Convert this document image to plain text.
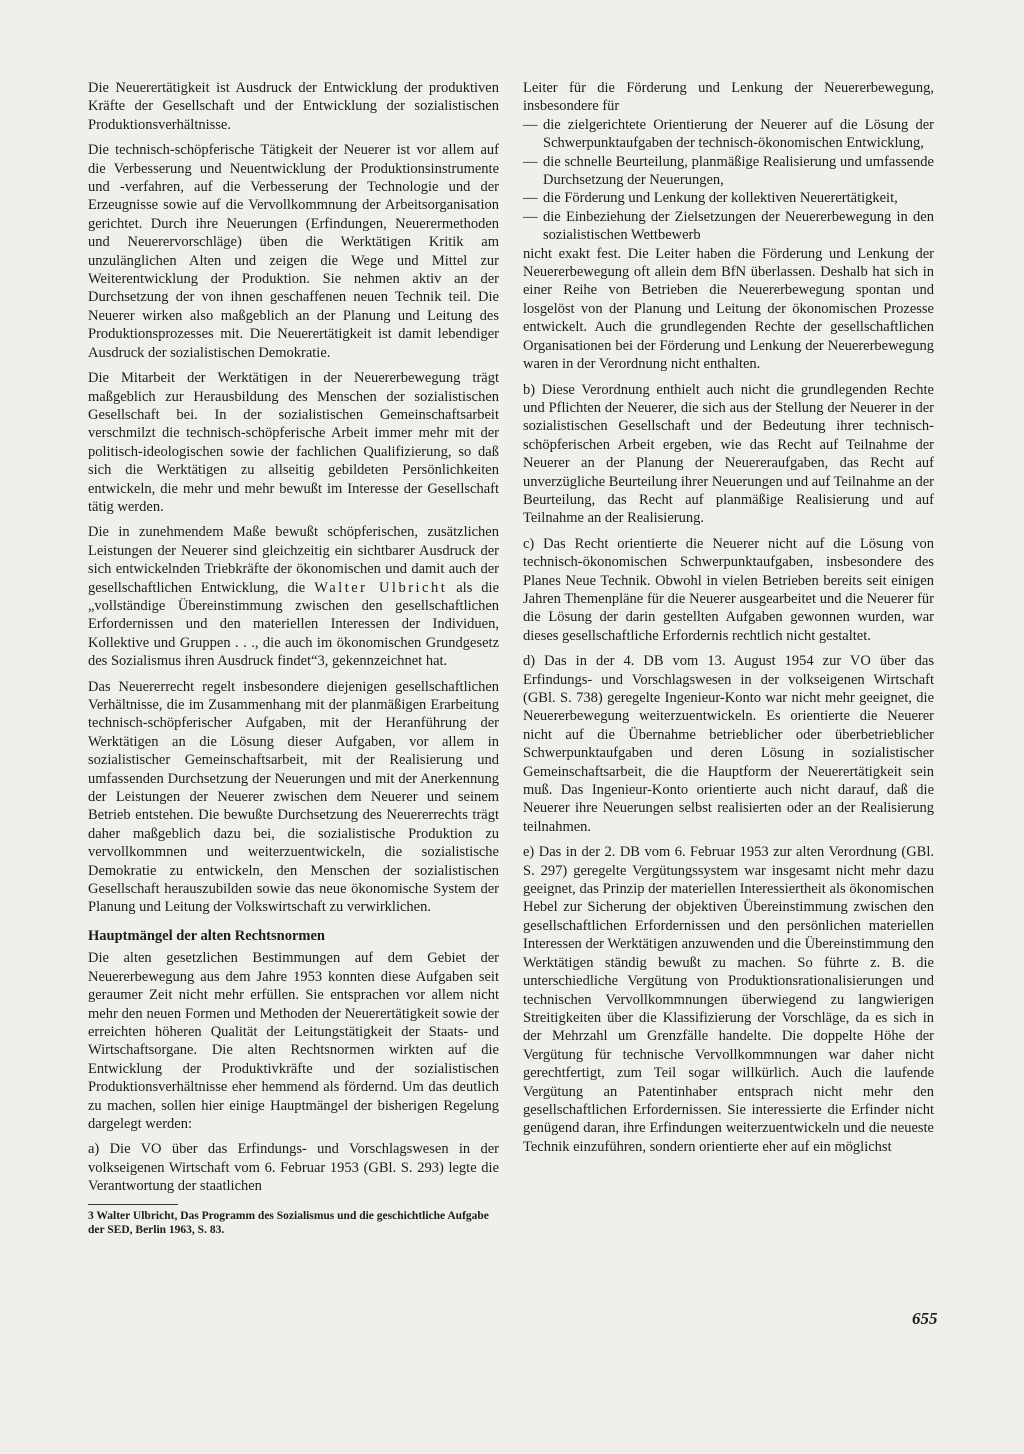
Die Neuerertätigkeit ist Ausdruck der Entwicklung der produktiven Kräfte der Gesellschaft und der Entwicklung der sozialistischen Produktionsverhältnisse.

Die technisch-schöpferische Tätigkeit der Neuerer ist vor allem auf die Verbesserung und Neuentwicklung der Produktionsinstrumente und -verfahren, auf die Verbesserung der Technologie und der Erzeugnisse sowie auf die Vervollkommnung der Arbeitsorganisation gerichtet. Durch ihre Neuerungen (Erfindungen, Neuerermethoden und Neuerervorschläge) üben die Werktätigen Kritik am unzulänglichen Alten und zeigen die Wege und Mittel zur Weiterentwicklung der Produktion. Sie nehmen aktiv an der Durchsetzung der von ihnen geschaffenen neuen Technik teil. Die Neuerer wirken also maßgeblich an der Planung und Leitung des Produktionsprozesses mit. Die Neuerertätigkeit ist damit lebendiger Ausdruck der sozialistischen Demokratie.

Die Mitarbeit der Werktätigen in der Neuererbewegung trägt maßgeblich zur Herausbildung des Menschen der sozialistischen Gesellschaft bei. In der sozialistischen Gemeinschaftsarbeit verschmilzt die technisch-schöpferische Arbeit immer mehr mit der politisch-ideologischen sowie der fachlichen Qualifizierung, so daß sich die Werktätigen zu allseitig gebildeten Persönlichkeiten entwickeln, die mehr und mehr bewußt im Interesse der Gesellschaft tätig werden.

Die in zunehmendem Maße bewußt schöpferischen, zusätzlichen Leistungen der Neuerer sind gleichzeitig ein sichtbarer Ausdruck der sich entwickelnden Triebkräfte der ökonomischen und damit auch der gesellschaftlichen Entwicklung, die Walter Ulbricht als die „vollständige Übereinstimmung zwischen den gesellschaftlichen Erfordernissen und den materiellen Interessen der Individuen, Kollektive und Gruppen . . ., die auch im ökonomischen Grundgesetz des Sozialismus ihren Ausdruck findet“3, gekennzeichnet hat.

Das Neuererrecht regelt insbesondere diejenigen gesellschaftlichen Verhältnisse, die im Zusammenhang mit der planmäßigen Erarbeitung technisch-schöpferischer Aufgaben, mit der Heranführung der Werktätigen an die Lösung dieser Aufgaben, vor allem in sozialistischer Gemeinschaftsarbeit, mit der Realisierung und umfassenden Durchsetzung der Neuerungen und mit der Anerkennung der Leistungen der Neuerer zwischen dem Neuerer und seinem Betrieb entstehen. Die bewußte Durchsetzung des Neuererrechts trägt daher maßgeblich dazu bei, die sozialistische Produktion zu vervollkommnen und weiterzuentwickeln, die sozialistische Demokratie zu entwickeln, den Menschen der sozialistischen Gesellschaft herauszubilden sowie das neue ökonomische System der Planung und Leitung der Volkswirtschaft zu verwirklichen.

Hauptmängel der alten Rechtsnormen

Die alten gesetzlichen Bestimmungen auf dem Gebiet der Neuererbewegung aus dem Jahre 1953 konnten diese Aufgaben seit geraumer Zeit nicht mehr erfüllen. Sie entsprachen vor allem nicht mehr den neuen Formen und Methoden der Neuerertätigkeit sowie der erreichten höheren Qualität der Leitungstätigkeit der Staats- und Wirtschaftsorgane. Die alten Rechtsnormen wirkten auf die Entwicklung der Produktivkräfte und der sozialistischen Produktionsverhältnisse eher hemmend als fördernd. Um das deutlich zu machen, sollen hier einige Hauptmängel der bisherigen Regelung dargelegt werden:

a) Die VO über das Erfindungs- und Vorschlagswesen in der volkseigenen Wirtschaft vom 6. Februar 1953 (GBl. S. 293) legte die Verantwortung der staatlichen

3 Walter Ulbricht, Das Programm des Sozialismus und die geschichtliche Aufgabe der SED, Berlin 1963, S. 83.

Leiter für die Förderung und Lenkung der Neuererbewegung, insbesondere für

— die zielgerichtete Orientierung der Neuerer auf die Lösung der Schwerpunktaufgaben der technisch-ökonomischen Entwicklung,
— die schnelle Beurteilung, planmäßige Realisierung und umfassende Durchsetzung der Neuerungen,
— die Förderung und Lenkung der kollektiven Neuerertätigkeit,
— die Einbeziehung der Zielsetzungen der Neuererbewegung in den sozialistischen Wettbewerb

nicht exakt fest. Die Leiter haben die Förderung und Lenkung der Neuererbewegung oft allein dem BfN überlassen. Deshalb hat sich in einer Reihe von Betrieben die Neuererbewegung spontan und losgelöst von der Planung und Leitung der ökonomischen Prozesse entwickelt. Auch die grundlegenden Rechte der gesellschaftlichen Organisationen bei der Förderung und Lenkung der Neuererbewegung waren in der Verordnung nicht enthalten.

b) Diese Verordnung enthielt auch nicht die grundlegenden Rechte und Pflichten der Neuerer, die sich aus der Stellung der Neuerer in der sozialistischen Gesellschaft und der Bedeutung ihrer technisch-schöpferischen Arbeit ergeben, wie das Recht auf Teilnahme der Neuerer an der Planung der Neuereraufgaben, das Recht auf unverzügliche Beurteilung ihrer Neuerungen und auf Teilnahme an der Beurteilung, das Recht auf planmäßige Realisierung und auf Teilnahme an der Realisierung.

c) Das Recht orientierte die Neuerer nicht auf die Lösung von technisch-ökonomischen Schwerpunktaufgaben, insbesondere des Planes Neue Technik. Obwohl in vielen Betrieben bereits seit einigen Jahren Themenpläne für die Neuerer ausgearbeitet und die Neuerer für die Lösung der darin gestellten Aufgaben gewonnen wurden, war dieses gesellschaftliche Erfordernis rechtlich nicht gestaltet.

d) Das in der 4. DB vom 13. August 1954 zur VO über das Erfindungs- und Vorschlagswesen in der volkseigenen Wirtschaft (GBl. S. 738) geregelte Ingenieur-Konto war nicht mehr geeignet, die Neuererbewegung weiterzuentwickeln. Es orientierte die Neuerer nicht auf die Übernahme betrieblicher oder überbetrieblicher Schwerpunktaufgaben und deren Lösung in sozialistischer Gemeinschaftsarbeit, die die Hauptform der Neuerertätigkeit sein muß. Das Ingenieur-Konto orientierte auch nicht darauf, daß die Neuerer ihre Neuerungen selbst realisierten oder an der Realisierung teilnahmen.

e) Das in der 2. DB vom 6. Februar 1953 zur alten Verordnung (GBl. S. 297) geregelte Vergütungssystem war insgesamt nicht mehr dazu geeignet, das Prinzip der materiellen Interessiertheit als ökonomischen Hebel zur Sicherung der objektiven Übereinstimmung zwischen den gesellschaftlichen Erfordernissen und den persönlichen materiellen Interessen der Werktätigen anzuwenden und die Übereinstimmung den Werktätigen ständig bewußt zu machen. So führte z. B. die unterschiedliche Vergütung von Produktionsrationalisierungen und technischen Vervollkommnungen überwiegend zu langwierigen Streitigkeiten über die Klassifizierung der Vorschläge, da es sich in der Mehrzahl um Grenzfälle handelte. Die doppelte Höhe der Vergütung für technische Vervollkommnungen war daher nicht gerechtfertigt, zum Teil sogar willkürlich. Auch die laufende Vergütung an Patentinhaber entsprach nicht mehr den gesellschaftlichen Erfordernissen. Sie interessierte die Erfinder nicht genügend daran, ihre Erfindungen weiterzuentwickeln und die neueste Technik einzuführen, sondern orientierte eher auf ein möglichst

655
